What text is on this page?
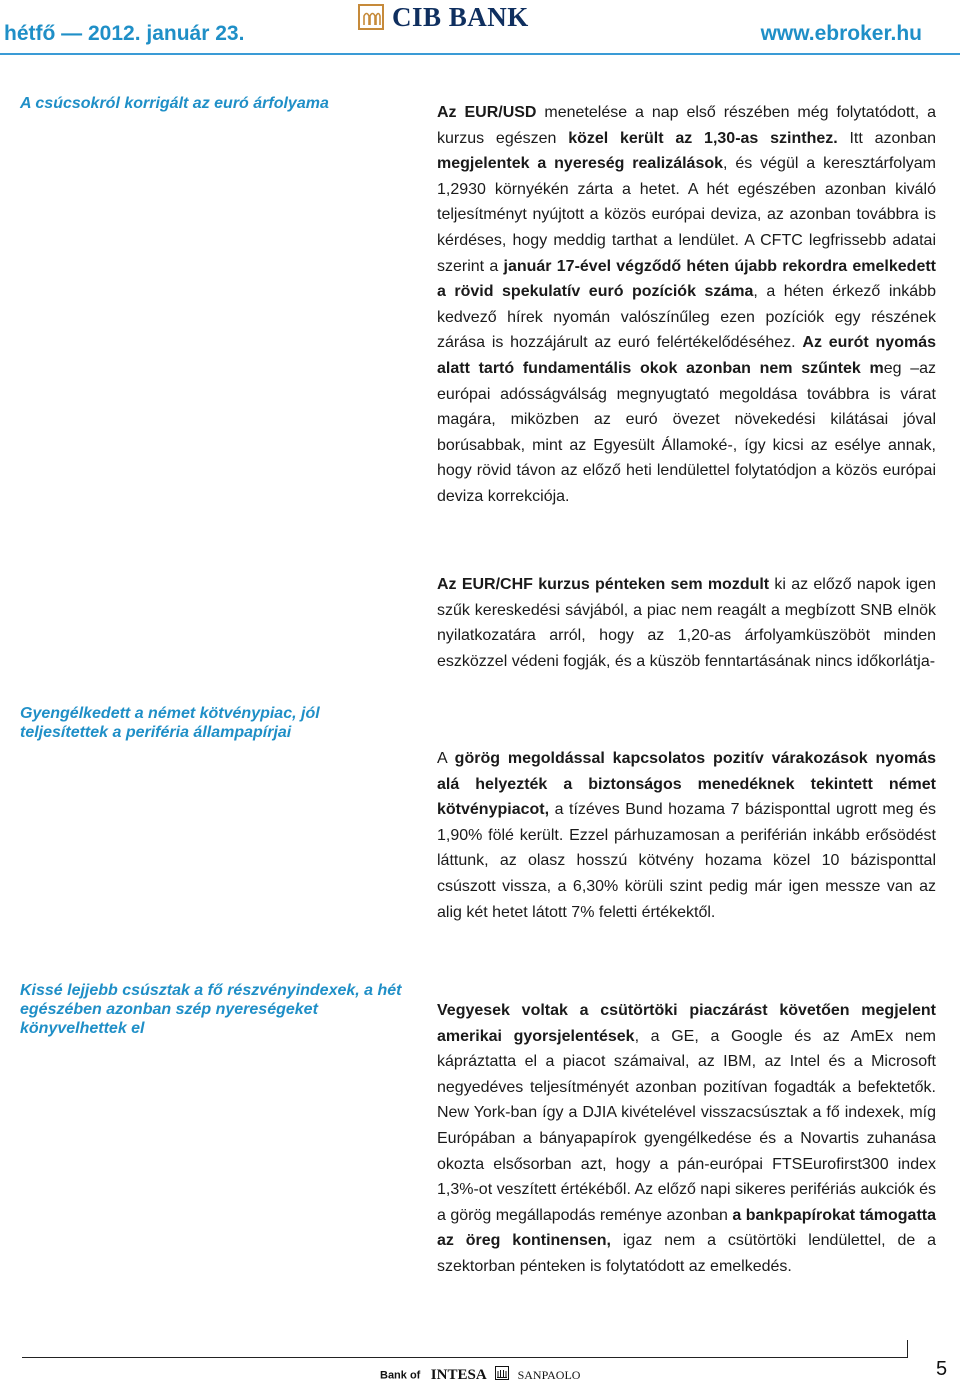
hétfő — 2012. január 23.
CIB BANK
www.ebroker.hu
A csúcsokról korrigált az euró árfolyama
Gyengélkedett a német kötvénypiac, jól teljesítettek a periféria állampapírjai
Kissé lejjebb csúsztak a fő részvényindexek, a hét egészében azonban szép nyereségeket könyvelhettek el
Az EUR/USD menetelése a nap első részében még folytatódott, a kurzus egészen közel került az 1,30-as szinthez. Itt azonban megjelentek a nyereség realizálások, és végül a keresztárfolyam 1,2930 környékén zárta a hetet. A hét egészében azonban kiváló teljesítményt nyújtott a közös európai deviza, az azonban továbbra is kérdéses, hogy meddig tarthat a lendület. A CFTC legfrissebb adatai szerint a január 17-ével végződő héten újabb rekordra emelkedett a rövid spekulatív euró pozíciók száma, a héten érkező inkább kedvező hírek nyomán valószínűleg ezen pozíciók egy részének zárása is hozzájárult az euró felértékelődéséhez. Az eurót nyomás alatt tartó fundamentális okok azonban nem szűntek meg –az európai adósságválság megnyugtató megoldása továbbra is várat magára, miközben az euró övezet növekedési kilátásai jóval borúsabbak, mint az Egyesült Államoké-, így kicsi az esélye annak, hogy rövid távon az előző heti lendülettel folytatódjon a közös európai deviza korrekciója.
Az EUR/CHF kurzus pénteken sem mozdult ki az előző napok igen szűk kereskedési sávjából, a piac nem reagált a megbízott SNB elnök nyilatkozatára arról, hogy az 1,20-as árfolyamküszöböt minden eszközzel védeni fogják, és a küszöb fenntartásának nincs időkorlátja-
A görög megoldással kapcsolatos pozitív várakozások nyomás alá helyezték a biztonságos menedéknek tekintett német kötvénypiacot, a tízéves Bund hozama 7 bázisponttal ugrott meg és 1,90% fölé került. Ezzel párhuzamosan a periférián inkább erősödést láttunk, az olasz hosszú kötvény hozama közel 10 bázisponttal csúszott vissza, a 6,30% körüli szint pedig már igen messze van az alig két hetet látott 7% feletti értékektől.
Vegyesek voltak a csütörtöki piaczárást követően megjelent amerikai gyorsjelentések, a GE, a Google és az AmEx nem kápráztatta el a piacot számaival, az IBM, az Intel és a Microsoft negyedéves teljesítményét azonban pozitívan fogadták a befektetők. New York-ban így a DJIA kivételével visszacsúsztak a fő indexek, míg Európában a bányapapírok gyengélkedése és a Novartis zuhanása okozta elsősorban azt, hogy a pán-európai FTSEurofirst300 index 1,3%-ot veszített értékéből. Az előző napi sikeres perifériás aukciók és a görög megállapodás reménye azonban a bankpapírokat támogatta az öreg kontinensen, igaz nem a csütörtöki lendülettel, de a szektorban pénteken is folytatódott az emelkedés.
Bank of INTESA	SANPAOLO	5
